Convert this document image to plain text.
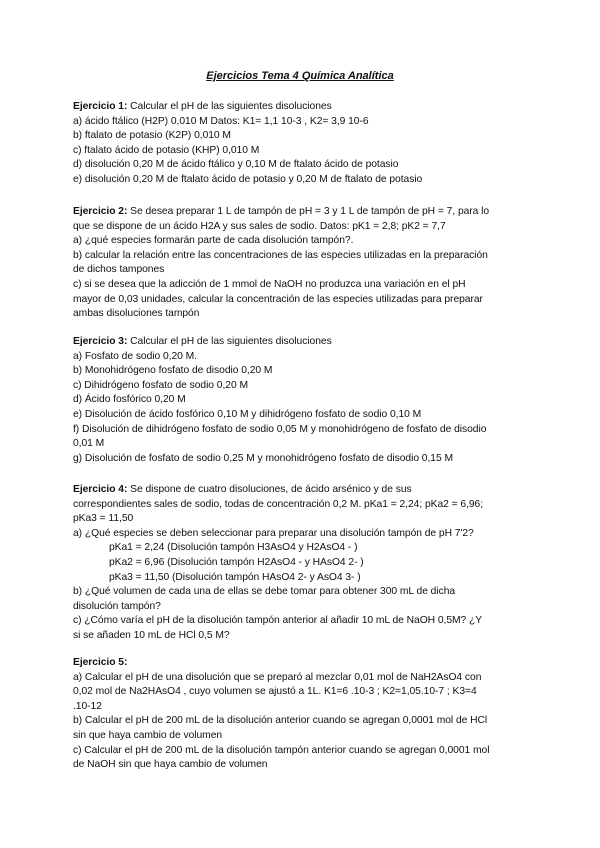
Ejercicios Tema 4 Química Analítica
Ejercicio 1: Calcular el pH de las siguientes disoluciones
a) ácido ftálico (H2P) 0,010 M Datos: K1= 1,1 10-3 , K2= 3,9 10-6
b) ftalato de potasio (K2P) 0,010 M
c) ftalato ácido de potasio (KHP) 0,010 M
d) disolución 0,20 M de ácido ftálico y 0,10 M de ftalato ácido de potasio
e) disolución 0,20 M de ftalato ácido de potasio y 0,20 M de ftalato de potasio
Ejercicio 2: Se desea preparar 1 L de tampón de pH = 3 y 1 L de tampón de pH = 7, para lo
que se dispone de un ácido H2A y sus sales de sodio. Datos: pK1 = 2,8; pK2 = 7,7
a) ¿qué especies formarán parte de cada disolución tampón?.
b) calcular la relación entre las concentraciones de las especies utilizadas en la preparación
de dichos tampones
c) si se desea que la adicción de 1 mmol de NaOH no produzca una variación en el pH
mayor de 0,03 unidades, calcular la concentración de las especies utilizadas para preparar
ambas disoluciones tampón
Ejercicio 3: Calcular el pH de las siguientes disoluciones
a) Fosfato de sodio 0,20 M.
b) Monohidrógeno fosfato de disodio 0,20 M
c) Dihidrógeno fosfato de sodio 0,20 M
d) Ácido fosfórico 0,20 M
e) Disolución de ácido fosfórico 0,10 M y dihidrógeno fosfato de sodio 0,10 M
f) Disolución de dihidrógeno fosfato de sodio 0,05 M y monohidrógeno de fosfato de disodio
0,01 M
g) Disolución de fosfato de sodio 0,25 M y monohidrógeno fosfato de disodio 0,15 M
Ejercicio 4: Se dispone de cuatro disoluciones, de ácido arsénico y de sus
correspondientes sales de sodio, todas de concentración 0,2 M. pKa1 = 2,24; pKa2 = 6,96;
pKa3 = 11,50
a) ¿Qué especies se deben seleccionar para preparar una disolución tampón de pH 7'2?
pKa1 = 2,24 (Disolución tampón H3AsO4 y H2AsO4 - )
pKa2 = 6,96 (Disolución tampón H2AsO4 - y HAsO4 2- )
pKa3 = 11,50 (Disolución tampón HAsO4 2- y AsO4 3- )
b) ¿Qué volumen de cada una de ellas se debe tomar para obtener 300 mL de dicha
disolución tampón?
c) ¿Cómo varía el pH de la disolución tampón anterior al añadir 10 mL de NaOH 0,5M? ¿Y
si se añaden 10 mL de HCl 0,5 M?
Ejercicio 5:
a) Calcular el pH de una disolución que se preparó al mezclar 0,01 mol de NaH2AsO4 con
0,02 mol de Na2HAsO4 , cuyo volumen se ajustó a 1L. K1=6 .10-3 ; K2=1,05.10-7 ; K3=4
.10-12
b) Calcular el pH de 200 mL de la disolución anterior cuando se agregan 0,0001 mol de HCl
sin que haya cambio de volumen
c) Calcular el pH de 200 mL de la disolución tampón anterior cuando se agregan 0,0001 mol
de NaOH sin que haya cambio de volumen
